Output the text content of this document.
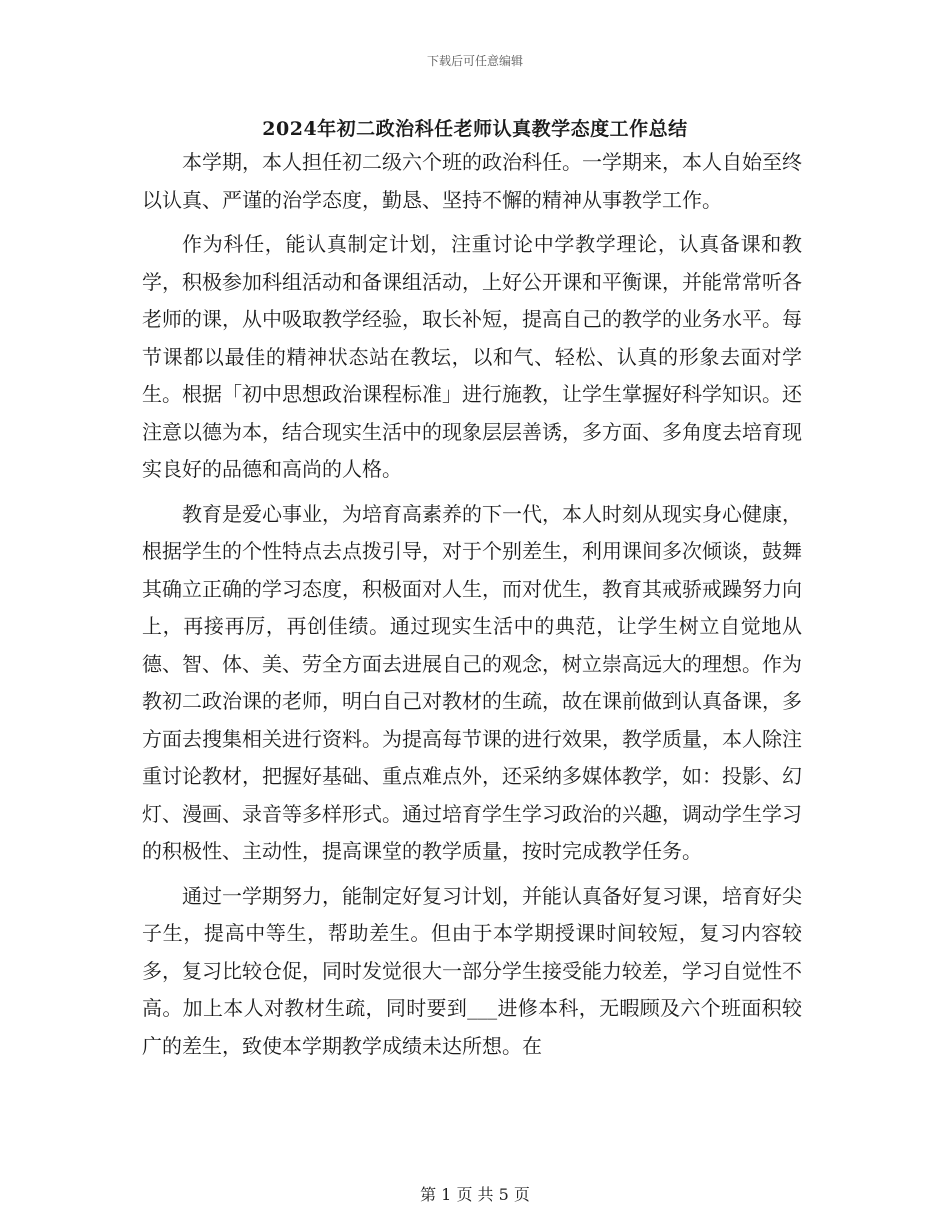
下载后可任意编辑
2024年初二政治科任老师认真教学态度工作总结

本学期，本人担任初二级六个班的政治科任。一学期来，本人自始至终以认真、严谨的治学态度，勤恳、坚持不懈的精神从事教学工作。

作为科任，能认真制定计划，注重讨论中学教学理论，认真备课和教学，积极参加科组活动和备课组活动，上好公开课和平衡课，并能常常听各老师的课，从中吸取教学经验，取长补短，提高自己的教学的业务水平。每节课都以最佳的精神状态站在教坛，以和气、轻松、认真的形象去面对学生。根据「初中思想政治课程标准」进行施教，让学生掌握好科学知识。还注意以德为本，结合现实生活中的现象层层善诱，多方面、多角度去培育现实良好的品德和高尚的人格。

教育是爱心事业，为培育高素养的下一代，本人时刻从现实身心健康，根据学生的个性特点去点拨引导，对于个别差生，利用课间多次倾谈，鼓舞其确立正确的学习态度，积极面对人生，而对优生，教育其戒骄戒躁努力向上，再接再厉，再创佳绩。通过现实生活中的典范，让学生树立自觉地从德、智、体、美、劳全方面去进展自己的观念，树立崇高远大的理想。作为教初二政治课的老师，明白自己对教材的生疏，故在课前做到认真备课，多方面去搜集相关进行资料。为提高每节课的进行效果，教学质量，本人除注重讨论教材，把握好基础、重点难点外，还采纳多媒体教学，如：投影、幻灯、漫画、录音等多样形式。通过培育学生学习政治的兴趣，调动学生学习的积极性、主动性，提高课堂的教学质量，按时完成教学任务。

通过一学期努力，能制定好复习计划，并能认真备好复习课，培育好尖子生，提高中等生，帮助差生。但由于本学期授课时间较短，复习内容较多，复习比较仓促，同时发觉很大一部分学生接受能力较差，学习自觉性不高。加上本人对教材生疏，同时要到___进修本科，无暇顾及六个班面积较广的差生，致使本学期教学成绩未达所想。在

第 1 页 共 5 页
